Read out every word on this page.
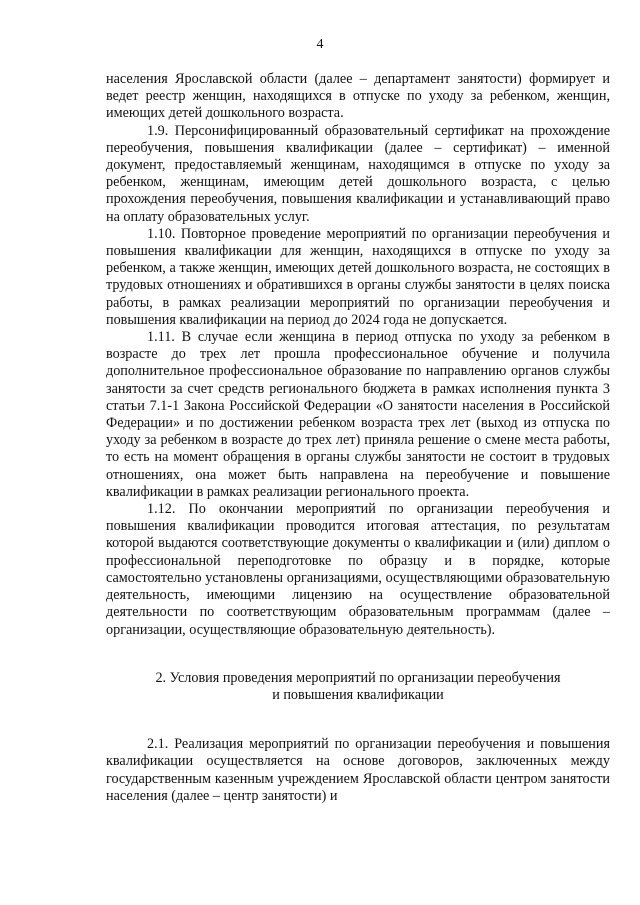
4

населения Ярославской области (далее – департамент занятости) формирует и ведет реестр женщин, находящихся в отпуске по уходу за ребенком, женщин, имеющих детей дошкольного возраста.

1.9. Персонифицированный образовательный сертификат на прохождение переобучения, повышения квалификации (далее – сертификат) – именной документ, предоставляемый женщинам, находящимся в отпуске по уходу за ребенком, женщинам, имеющим детей дошкольного возраста, с целью прохождения переобучения, повышения квалификации и устанавливающий право на оплату образовательных услуг.

1.10. Повторное проведение мероприятий по организации переобучения и повышения квалификации для женщин, находящихся в отпуске по уходу за ребенком, а также женщин, имеющих детей дошкольного возраста, не состоящих в трудовых отношениях и обратившихся в органы службы занятости в целях поиска работы, в рамках реализации мероприятий по организации переобучения и повышения квалификации на период до 2024 года не допускается.

1.11. В случае если женщина в период отпуска по уходу за ребенком в возрасте до трех лет прошла профессиональное обучение и получила дополнительное профессиональное образование по направлению органов службы занятости за счет средств регионального бюджета в рамках исполнения пункта 3 статьи 7.1-1 Закона Российской Федерации «О занятости населения в Российской Федерации» и по достижении ребенком возраста трех лет (выход из отпуска по уходу за ребенком в возрасте до трех лет) приняла решение о смене места работы, то есть на момент обращения в органы службы занятости не состоит в трудовых отношениях, она может быть направлена на переобучение и повышение квалификации в рамках реализации регионального проекта.

1.12. По окончании мероприятий по организации переобучения и повышения квалификации проводится итоговая аттестация, по результатам которой выдаются соответствующие документы о квалификации и (или) диплом о профессиональной переподготовке по образцу и в порядке, которые самостоятельно установлены организациями, осуществляющими образовательную деятельность, имеющими лицензию на осуществление образовательной деятельности по соответствующим образовательным программам (далее – организации, осуществляющие образовательную деятельность).

2. Условия проведения мероприятий по организации переобучения
и повышения квалификации

2.1. Реализация мероприятий по организации переобучения и повышения квалификации осуществляется на основе договоров, заключенных между государственным казенным учреждением Ярославской области центром занятости населения (далее – центр занятости) и
